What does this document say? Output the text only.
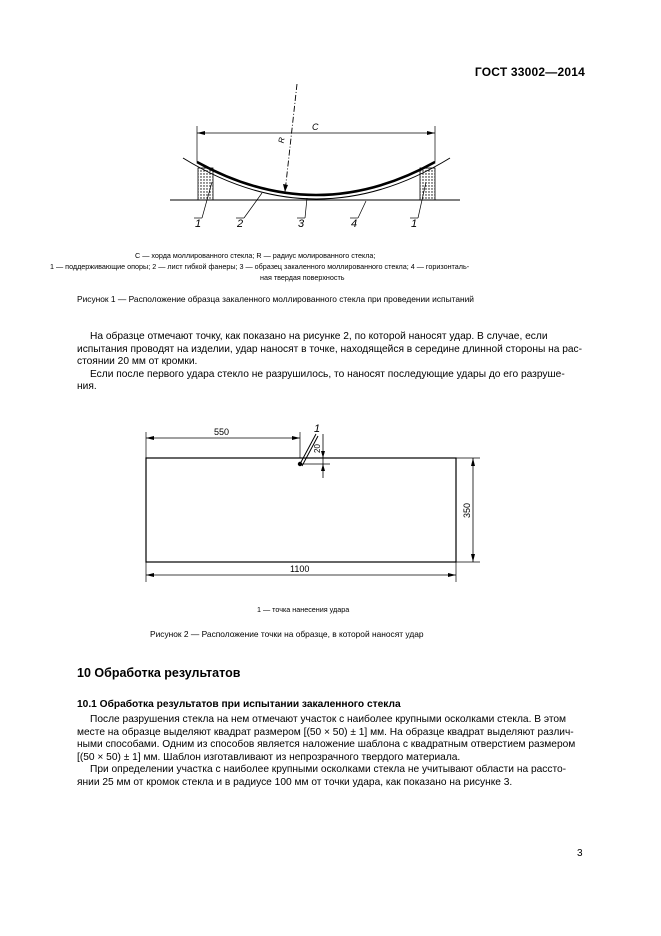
ГОСТ 33002—2014
C
R
1	2	3	4	1
C — хорда моллированного стекла; R — радиус молированного стекла;
1 — поддерживающие опоры; 2 — лист гибкой фанеры; 3 — образец закаленного моллированного стекла; 4 — горизонталь-
ная твердая поверхность
Рисунок 1 — Расположение образца закаленного моллированного стекла при проведении испытаний
На образце отмечают точку, как показано на рисунке 2, по которой наносят удар. В случае, если
испытания проводят на изделии, удар наносят в точке, находящейся в середине длинной стороны на рас-
стоянии 20 мм от кромки.
Если после первого удара стекло не разрушилось, то наносят последующие удары до его разруше-
ния.
550	1
20
350
1100
1 — точка нанесения удара
Рисунок 2 — Расположение точки на образце, в которой наносят удар
10 Обработка результатов
10.1 Обработка результатов при испытании закаленного стекла
После разрушения стекла на нем отмечают участок с наиболее крупными осколками стекла. В этом
месте на образце выделяют квадрат размером [(50 × 50) ± 1] мм. На образце квадрат выделяют различ-
ными способами. Одним из способов является наложение шаблона с квадратным отверстием размером
[(50 × 50) ± 1] мм. Шаблон изготавливают из непрозрачного твердого материала.
При определении участка с наиболее крупными осколками стекла не учитывают области на рассто-
янии 25 мм от кромок стекла и в радиусе 100 мм от точки удара, как показано на рисунке 3.
3
